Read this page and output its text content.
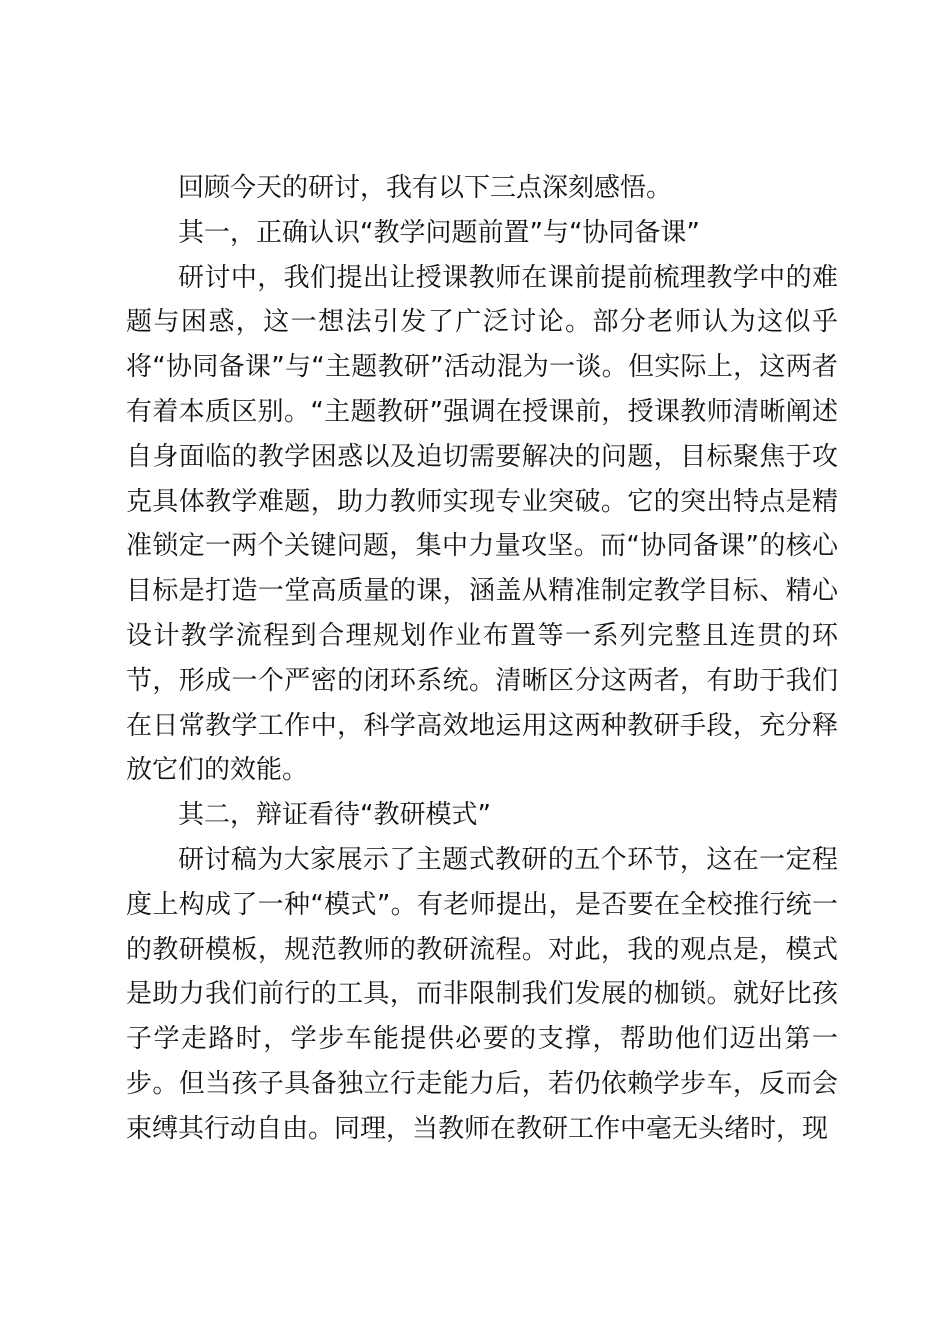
回顾今天的研讨，我有以下三点深刻感悟。

其一，正确认识“教学问题前置”与“协同备课”

研讨中，我们提出让授课教师在课前提前梳理教学中的难题与困惑，这一想法引发了广泛讨论。部分老师认为这似乎将“协同备课”与“主题教研”活动混为一谈。但实际上，这两者有着本质区别。“主题教研”强调在授课前，授课教师清晰阐述自身面临的教学困惑以及迫切需要解决的问题，目标聚焦于攻克具体教学难题，助力教师实现专业突破。它的突出特点是精准锁定一两个关键问题，集中力量攻坚。而“协同备课”的核心目标是打造一堂高质量的课，涵盖从精准制定教学目标、精心设计教学流程到合理规划作业布置等一系列完整且连贯的环节，形成一个严密的闭环系统。清晰区分这两者，有助于我们在日常教学工作中，科学高效地运用这两种教研手段，充分释放它们的效能。

其二，辩证看待“教研模式”

研讨稿为大家展示了主题式教研的五个环节，这在一定程度上构成了一种“模式”。有老师提出，是否要在全校推行统一的教研模板，规范教师的教研流程。对此，我的观点是，模式是助力我们前行的工具，而非限制我们发展的枷锁。就好比孩子学走路时，学步车能提供必要的支撑，帮助他们迈出第一步。但当孩子具备独立行走能力后，若仍依赖学步车，反而会束缚其行动自由。同理，当教师在教研工作中毫无头绪时，现
